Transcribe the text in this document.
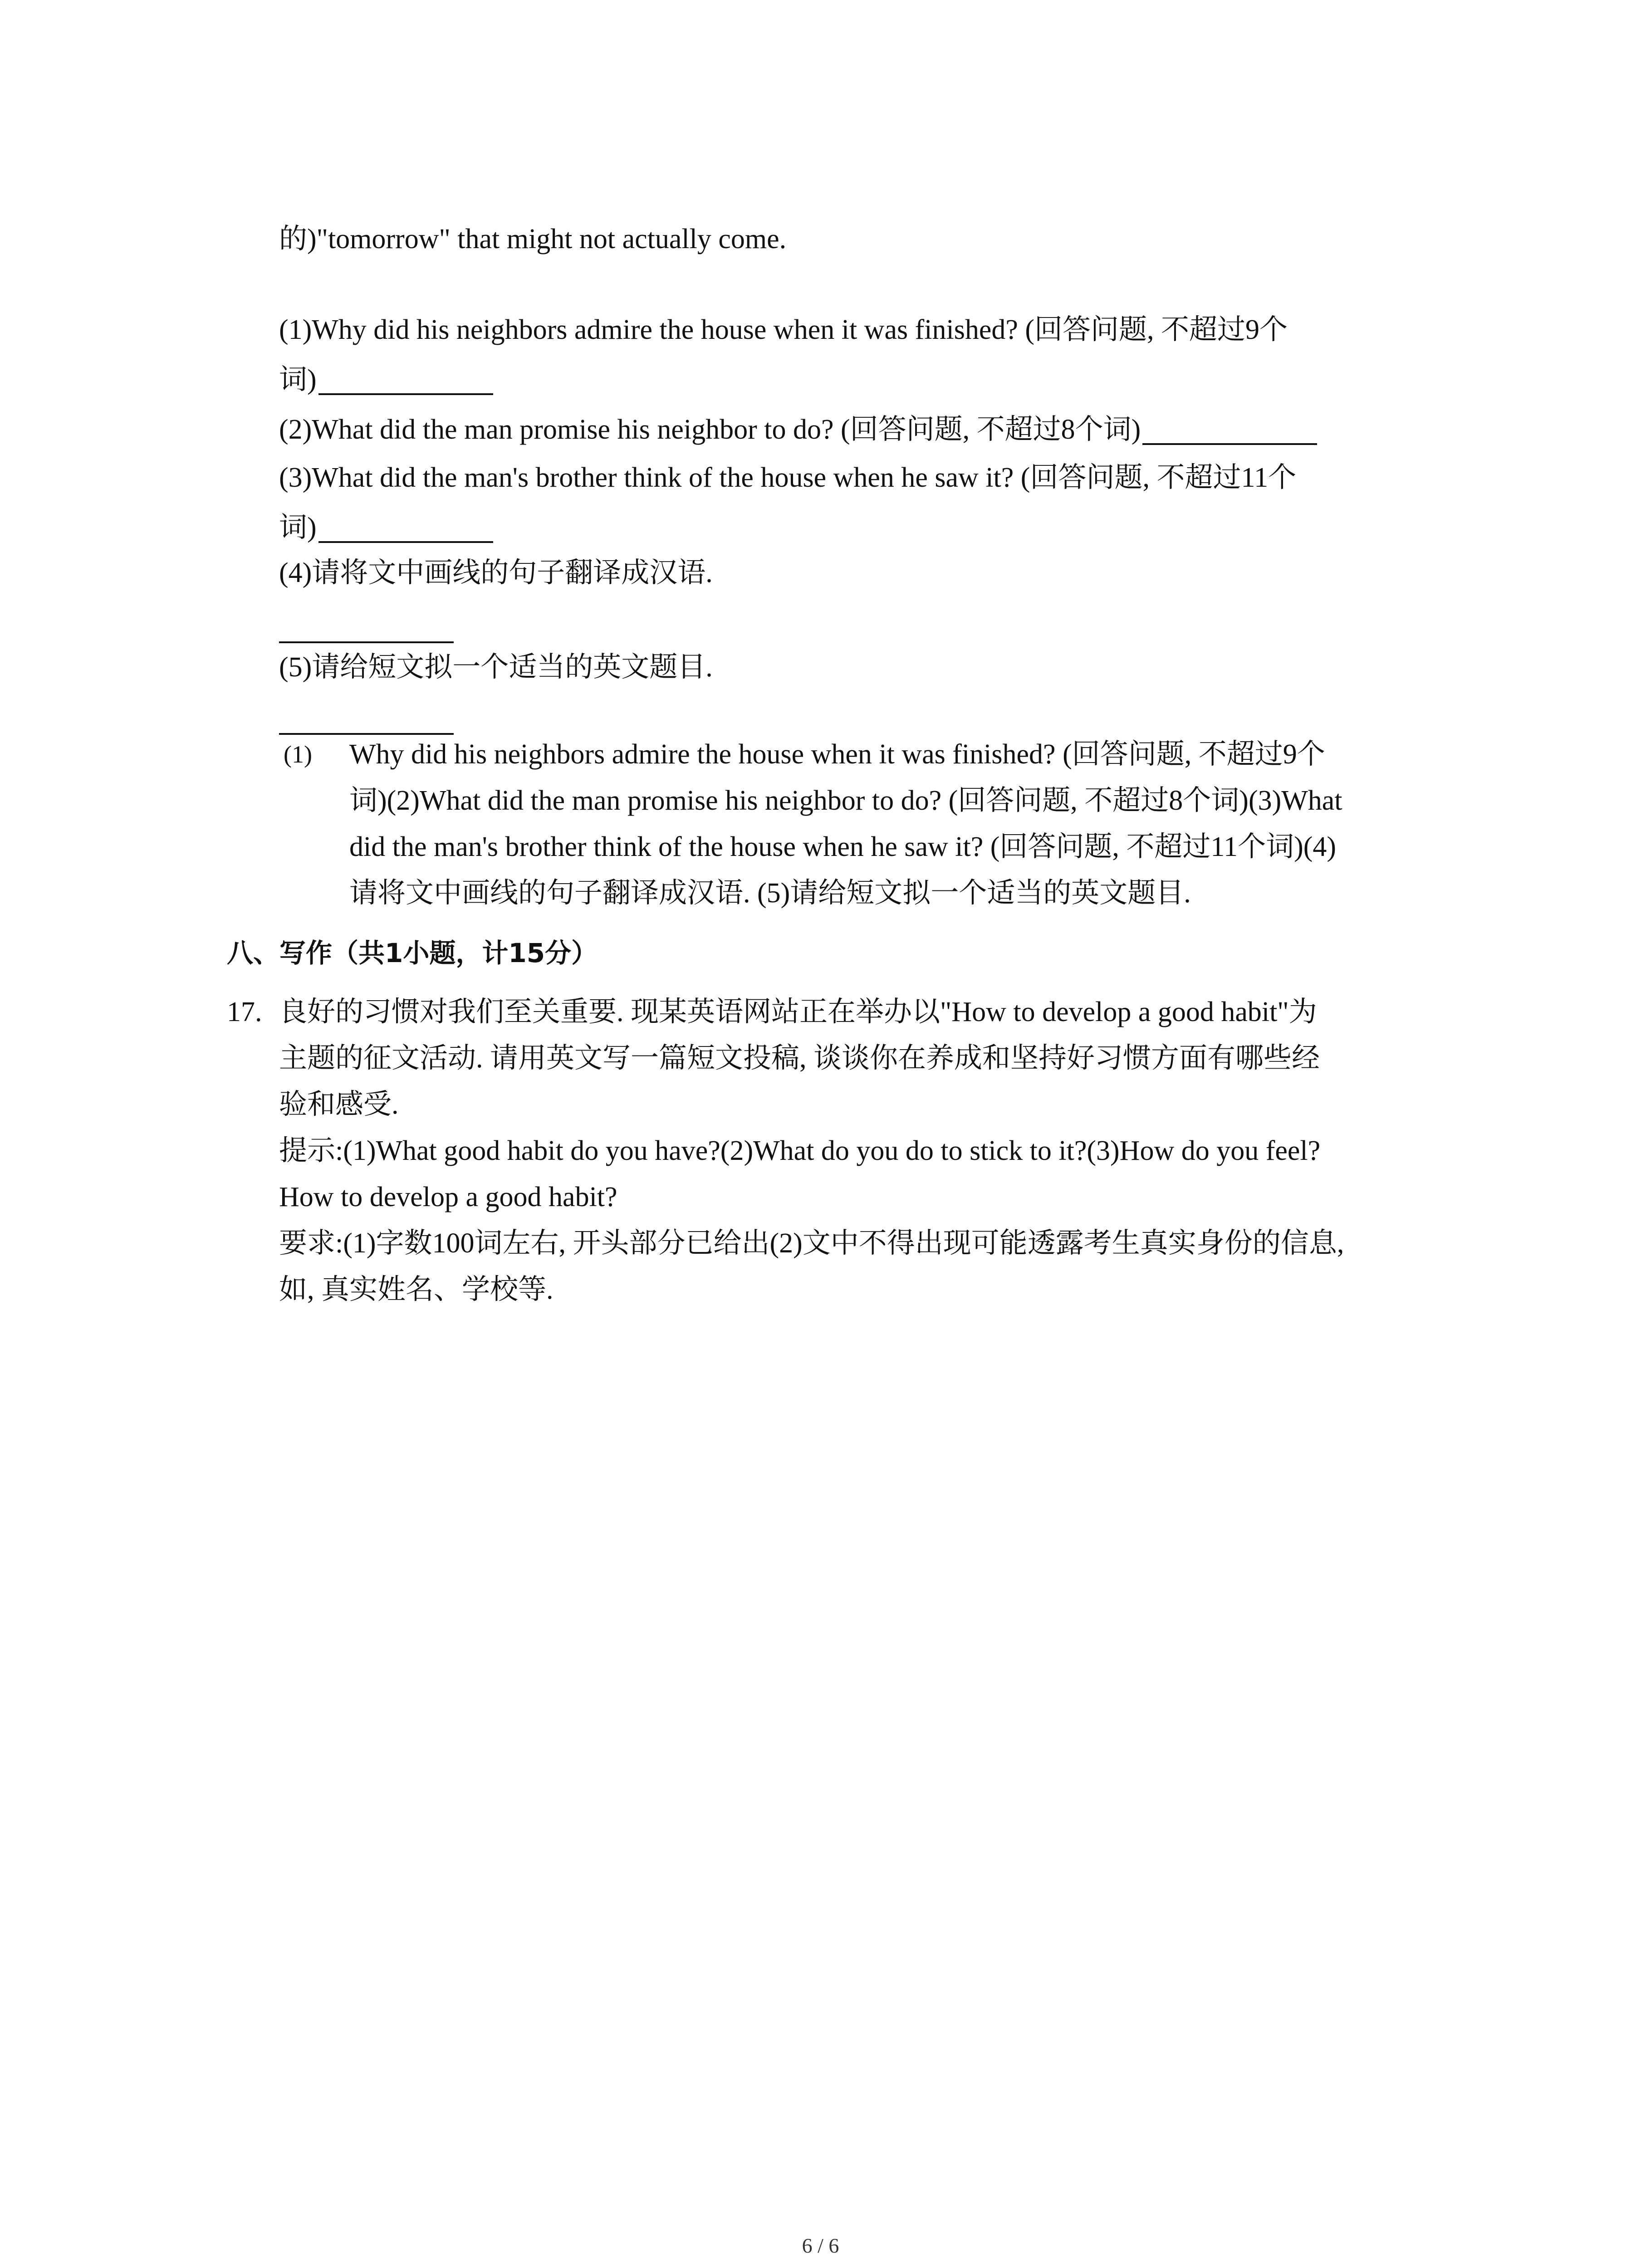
的)"tomorrow" that might not actually come.
(1)Why did his neighbors admire the house when it was finished? (回答问题, 不超过9个
词)
(2)What did the man promise his neighbor to do? (回答问题, 不超过8个词)
(3)What did the man's brother think of the house when he saw it? (回答问题, 不超过11个
词)
(4)请将文中画线的句子翻译成汉语.
(5)请给短文拟一个适当的英文题目.
(1) Why did his neighbors admire the house when it was finished? (回答问题, 不超过9个
词)(2)What did the man promise his neighbor to do? (回答问题, 不超过8个词)(3)What
did the man's brother think of the house when he saw it? (回答问题, 不超过11个词)(4)
请将文中画线的句子翻译成汉语. (5)请给短文拟一个适当的英文题目.
八、写作（共1小题，计15分）
17. 良好的习惯对我们至关重要. 现某英语网站正在举办以"How to develop a good habit"为
主题的征文活动. 请用英文写一篇短文投稿, 谈谈你在养成和坚持好习惯方面有哪些经
验和感受.
提示:(1)What good habit do you have?(2)What do you do to stick to it?(3)How do you feel?
How to develop a good habit?
要求:(1)字数100词左右, 开头部分已给出(2)文中不得出现可能透露考生真实身份的信息,
如, 真实姓名、学校等.
6 / 6
